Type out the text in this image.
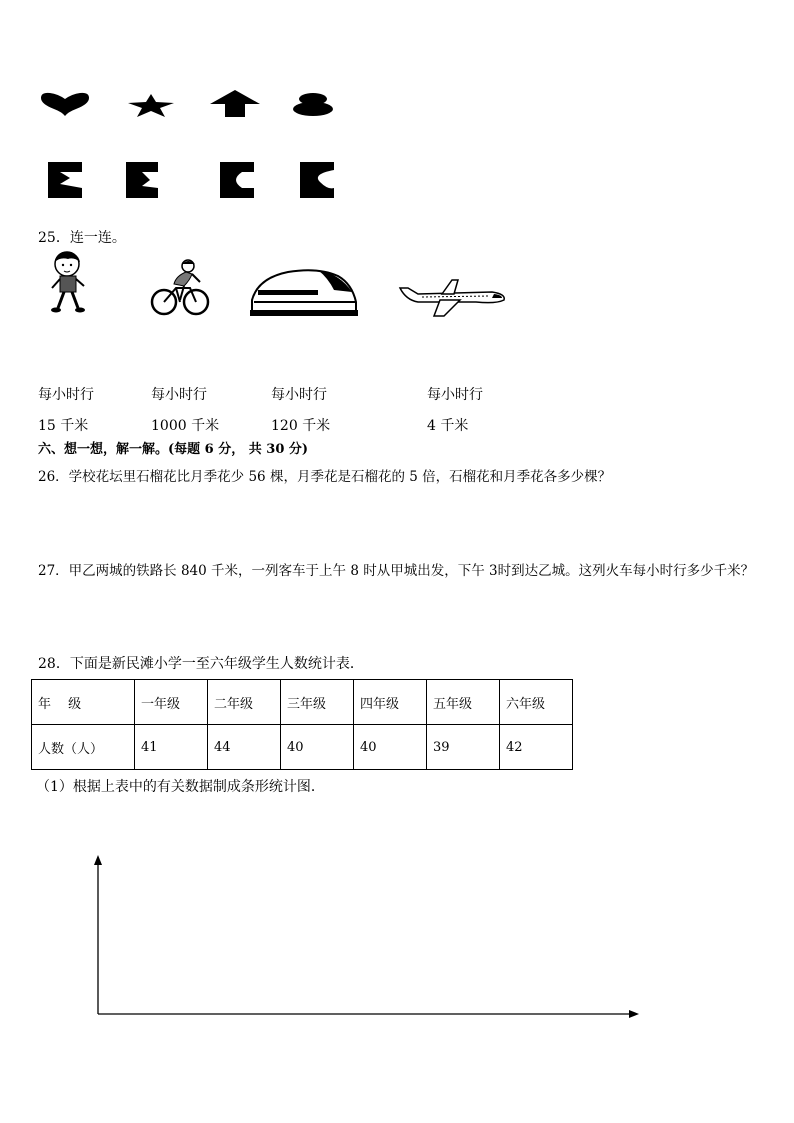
25．连一连。
每小时行	每小时行	每小时行	每小时行
15 千米	1000 千米	120 千米	4 千米
六、想一想，解一解。(每题 6 分， 共 30 分)
26．学校花坛里石榴花比月季花少 56 棵，月季花是石榴花的 5 倍，石榴花和月季花各多少棵？
27．甲乙两城的铁路长 840 千米，一列客车于上午 8 时从甲城出发，下午 3时到达乙城。这列火车每小时行多少千米？
28．下面是新民滩小学一至六年级学生人数统计表．
年　 级	一年级	二年级	三年级	四年级	五年级	六年级
人数（人）	41	44	40	40	39	42
（1）根据上表中的有关数据制成条形统计图．
